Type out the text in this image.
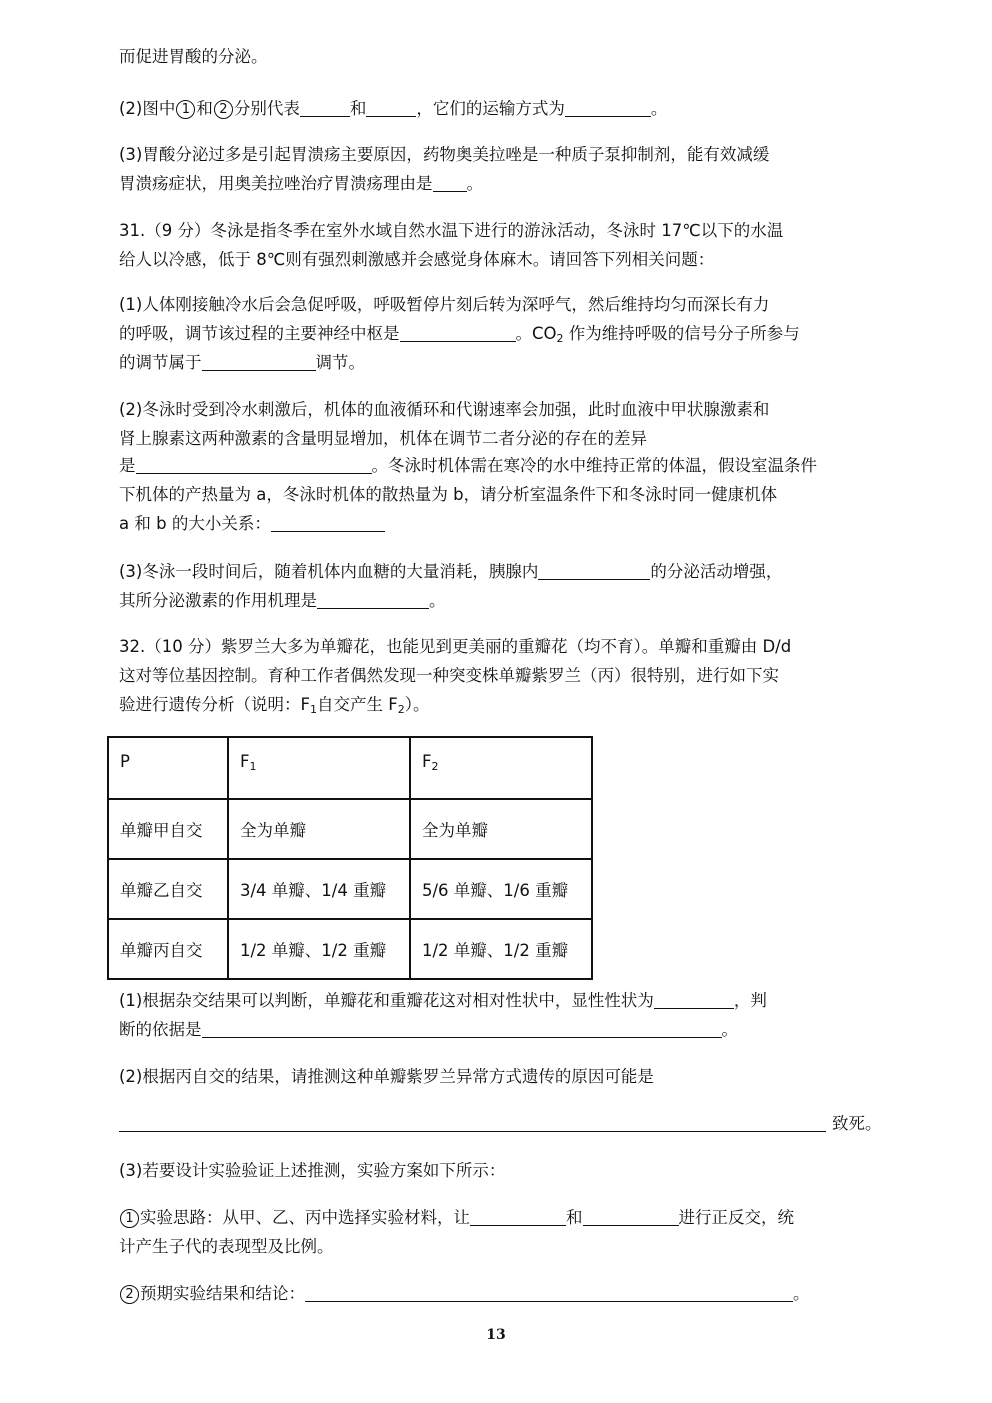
而促进胃酸的分泌。
(2)图中 1 和 2 分别代表	和	，它们的运输方式为	。
(3)胃酸分泌过多是引起胃溃疡主要原因，药物奥美拉唑是一种质子泵抑制剂，能有效减缓
胃溃疡症状，用奥美拉唑治疗胃溃疡理由是 。
31.（9 分）冬泳是指冬季在室外水域自然水温下进行的游泳活动，冬泳时 17℃以下的水温
给人以冷感，低于 8℃则有强烈刺激感并会感觉身体麻木。请回答下列相关问题：
(1)人体刚接触冷水后会急促呼吸，呼吸暂停片刻后转为深呼气，然后维持均匀而深长有力
的呼吸，调节该过程的主要神经中枢是	。$CO_2$ 作为维持呼吸的信号分子所参与
的调节属于	调节。
(2)冬泳时受到冷水刺激后，机体的血液循环和代谢速率会加强，此时血液中甲状腺激素和
肾上腺素这两种激素的含量明显增加，机体在调节二者分泌的存在的差异
是	。冬泳时机体需在寒冷的水中维持正常的体温，假设室温条件
下机体的产热量为 a，冬泳时机体的散热量为 b，请分析室温条件下和冬泳时同一健康机体
a 和 b 的大小关系：
(3)冬泳一段时间后，随着机体内血糖的大量消耗，胰腺内	的分泌活动增强，
其所分泌激素的作用机理是	。
32.（10 分）紫罗兰大多为单瓣花，也能见到更美丽的重瓣花（均不育）。单瓣和重瓣由 D/d
这对等位基因控制。育种工作者偶然发现一种突变株单瓣紫罗兰（丙）很特别，进行如下实
验进行遗传分析（说明：$F_1$自交产生 $F_2$）。
P	$F_1$	$F_2$
单瓣甲自交	全为单瓣	全为单瓣
单瓣乙自交	3/4 单瓣、1/4 重瓣	5/6 单瓣、1/6 重瓣
单瓣丙自交	1/2 单瓣、1/2 重瓣	1/2 单瓣、1/2 重瓣
(1)根据杂交结果可以判断，单瓣花和重瓣花这对相对性状中，显性性状为	，判
断的依据是	。
(2)根据丙自交的结果，请推测这种单瓣紫罗兰异常方式遗传的原因可能是
致死。
(3)若要设计实验验证上述推测，实验方案如下所示：
1 实验思路：从甲、乙、丙中选择实验材料，让	和	进行正反交，统
计产生子代的表现型及比例。
2 预期实验结果和结论：	。
13
